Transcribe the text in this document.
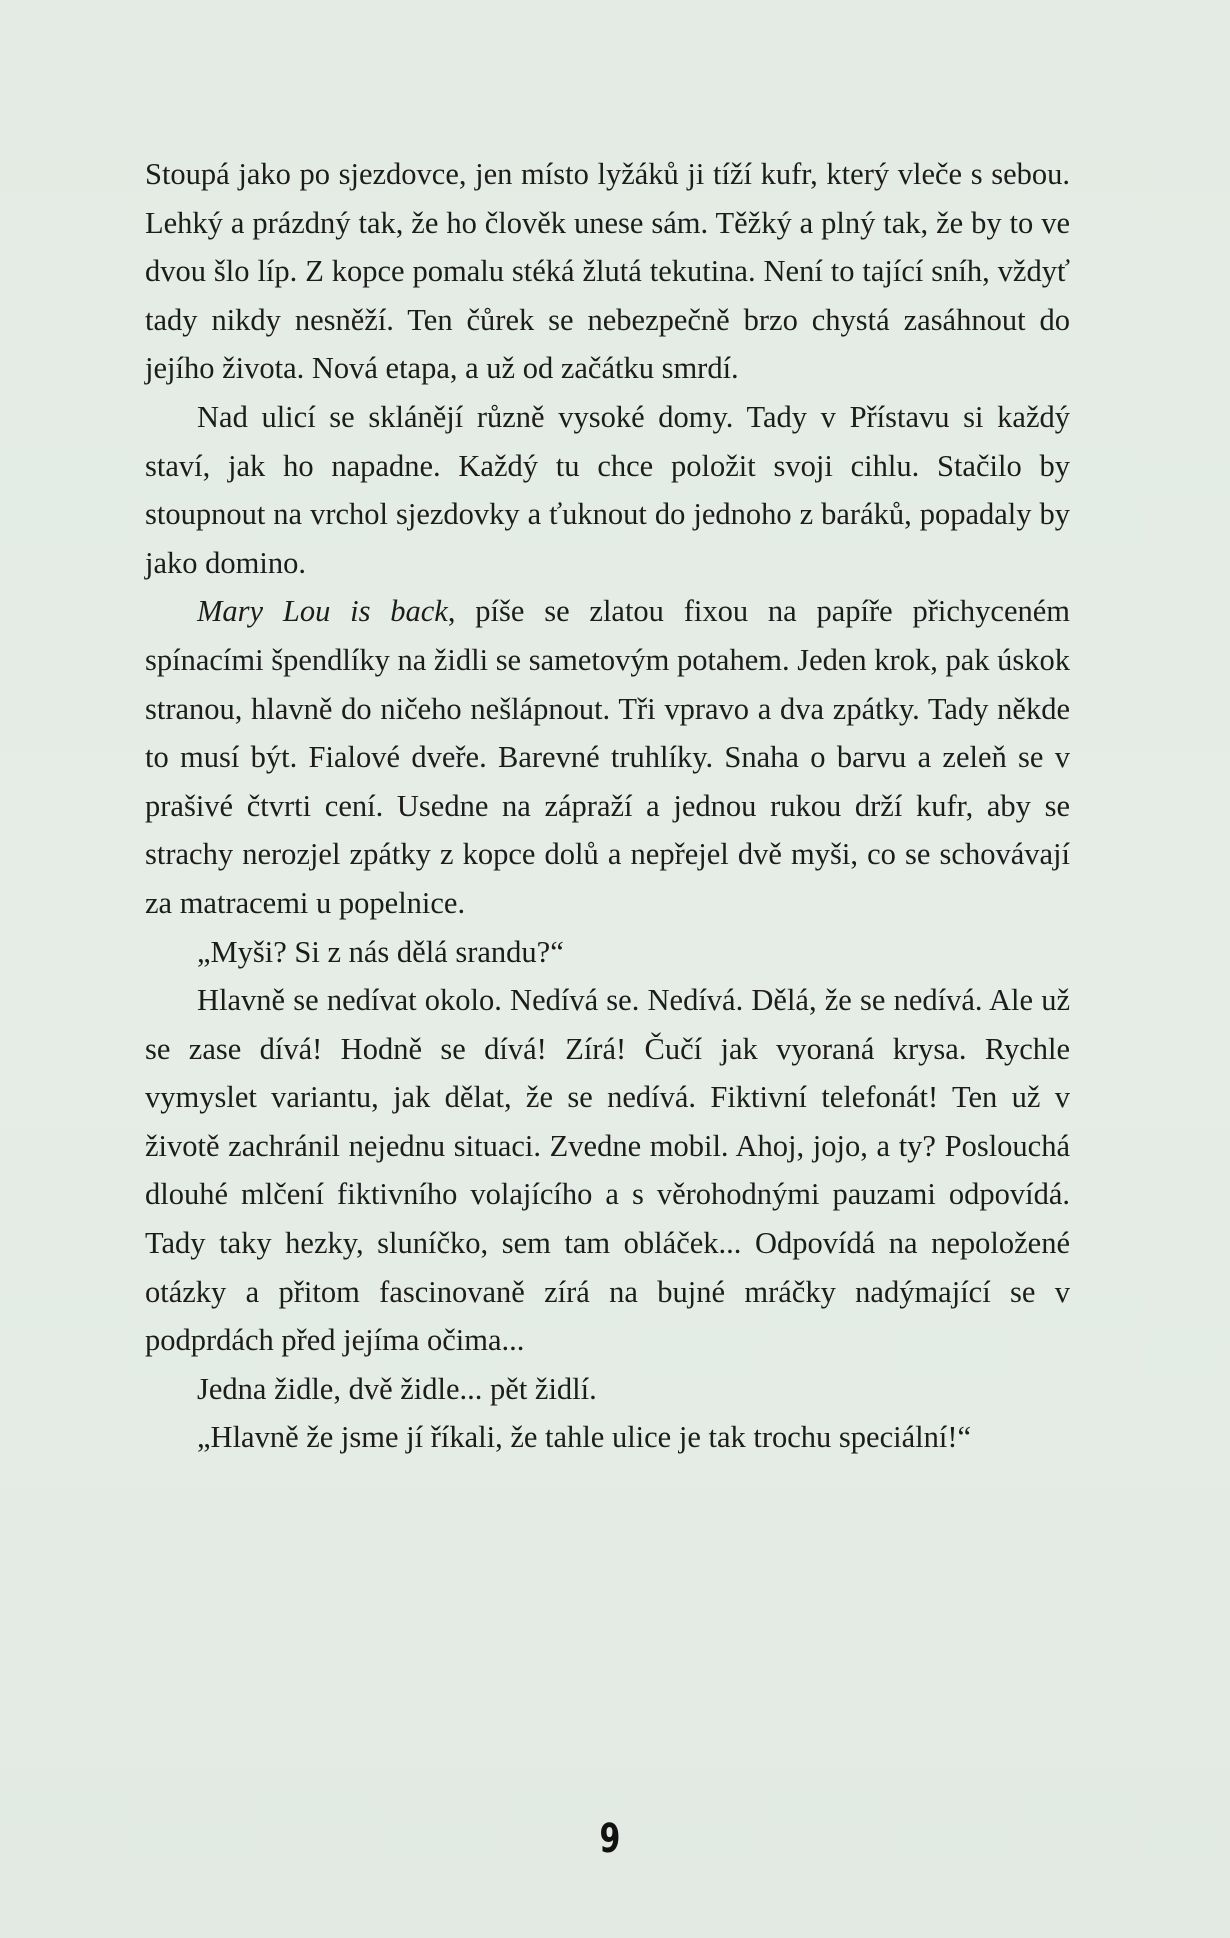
Stoupá jako po sjezdovce, jen místo lyžáků ji tíží kufr, který vleče s sebou. Lehký a prázdný tak, že ho člověk unese sám. Těžký a plný tak, že by to ve dvou šlo líp. Z kopce pomalu stéká žlutá tekutina. Není to tající sníh, vždyť tady nikdy nesněží. Ten čůrek se nebezpečně brzo chystá zasáhnout do jejího života. Nová etapa, a už od začátku smrdí.

Nad ulicí se sklánějí různě vysoké domy. Tady v Přístavu si každý staví, jak ho napadne. Každý tu chce položit svoji cihlu. Stačilo by stoupnout na vrchol sjezdovky a ťuknout do jednoho z baráků, popadaly by jako domino.

Mary Lou is back, píše se zlatou fixou na papíře přichyceném spínacími špendlíky na židli se sametovým potahem. Jeden krok, pak úskok stranou, hlavně do ničeho nešlápnout. Tři vpravo a dva zpátky. Tady někde to musí být. Fialové dveře. Barevné truhlíky. Snaha o barvu a zeleň se v prašivé čtvrti cení. Usedne na zápraží a jednou rukou drží kufr, aby se strachy nerozjel zpátky z kopce dolů a nepřejel dvě myši, co se schovávají za matracemi u popelnice.

„Myši? Si z nás dělá srandu?“

Hlavně se nedívat okolo. Nedívá se. Nedívá. Dělá, že se nedívá. Ale už se zase dívá! Hodně se dívá! Zírá! Čučí jak vyoraná krysa. Rychle vymyslet variantu, jak dělat, že se nedívá. Fiktivní telefonát! Ten už v životě zachránil nejednu situaci. Zvedne mobil. Ahoj, jojo, a ty? Poslouchá dlouhé mlčení fiktivního volajícího a s věrohodnými pauzami odpovídá. Tady taky hezky, sluníčko, sem tam obláček... Odpovídá na nepoložené otázky a přitom fascinovaně zírá na bujné mráčky nadýmající se v podprdách před jejíma očima...

Jedna židle, dvě židle... pět židlí.

„Hlavně že jsme jí říkali, že tahle ulice je tak trochu speciální!“

9
